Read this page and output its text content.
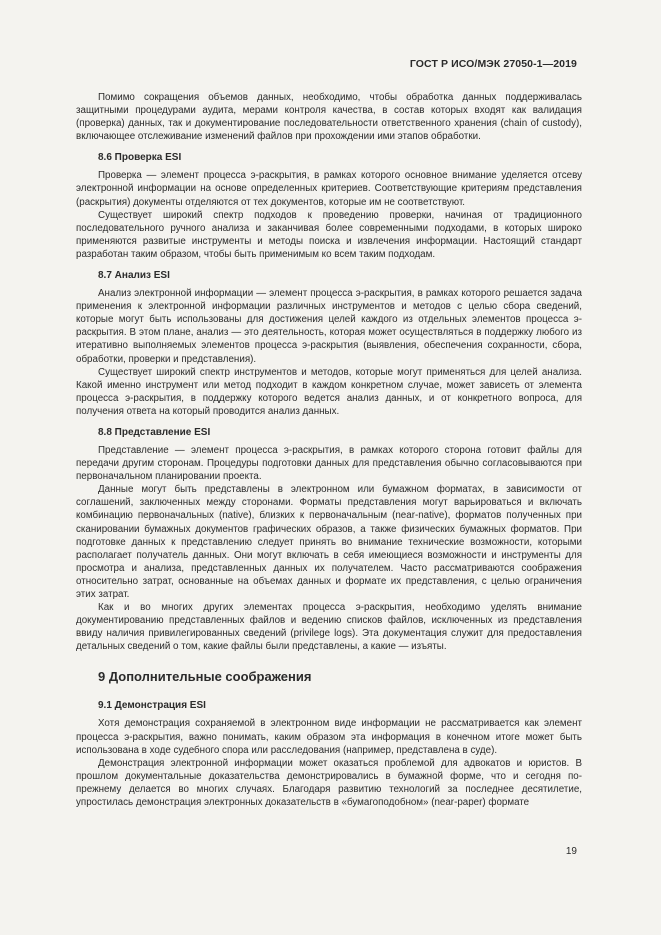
ГОСТ Р ИСО/МЭК 27050-1—2019

Помимо сокращения объемов данных, необходимо, чтобы обработка данных поддерживалась защитными процедурами аудита, мерами контроля качества, в состав которых входят как валидация (проверка) данных, так и документирование последовательности ответственного хранения (chain of custody), включающее отслеживание изменений файлов при прохождении ими этапов обработки.

8.6 Проверка ESI

Проверка — элемент процесса э-раскрытия, в рамках которого основное внимание уделяется отсеву электронной информации на основе определенных критериев. Соответствующие критериям представления (раскрытия) документы отделяются от тех документов, которые им не соответствуют.

Существует широкий спектр подходов к проведению проверки, начиная от традиционного последовательного ручного анализа и заканчивая более современными подходами, в которых широко применяются развитые инструменты и методы поиска и извлечения информации. Настоящий стандарт разработан таким образом, чтобы быть применимым ко всем таким подходам.

8.7 Анализ ESI

Анализ электронной информации — элемент процесса э-раскрытия, в рамках которого решается задача применения к электронной информации различных инструментов и методов с целью сбора сведений, которые могут быть использованы для достижения целей каждого из отдельных элементов процесса э-раскрытия. В этом плане, анализ — это деятельность, которая может осуществляться в поддержку любого из итеративно выполняемых элементов процесса э-раскрытия (выявления, обеспечения сохранности, сбора, обработки, проверки и представления).

Существует широкий спектр инструментов и методов, которые могут применяться для целей анализа. Какой именно инструмент или метод подходит в каждом конкретном случае, может зависеть от элемента процесса э-раскрытия, в поддержку которого ведется анализ данных, и от конкретного вопроса, для получения ответа на который проводится анализ данных.

8.8 Представление ESI

Представление — элемент процесса э-раскрытия, в рамках которого сторона готовит файлы для передачи другим сторонам. Процедуры подготовки данных для представления обычно согласовываются при первоначальном планировании проекта.

Данные могут быть представлены в электронном или бумажном форматах, в зависимости от соглашений, заключенных между сторонами. Форматы представления могут варьироваться и включать комбинацию первоначальных (native), близких к первоначальным (near-native), форматов полученных при сканировании бумажных документов графических образов, а также физических бумажных форматов. При подготовке данных к представлению следует принять во внимание технические возможности, которыми располагает получатель данных. Они могут включать в себя имеющиеся возможности и инструменты для просмотра и анализа, представленных данных их получателем. Часто рассматриваются соображения относительно затрат, основанные на объемах данных и формате их представления, с целью ограничения этих затрат.

Как и во многих других элементах процесса э-раскрытия, необходимо уделять внимание документированию представленных файлов и ведению списков файлов, исключенных из представления ввиду наличия привилегированных сведений (privilege logs). Эта документация служит для предоставления детальных сведений о том, какие файлы были представлены, а какие — изъяты.

9 Дополнительные соображения
9.1 Демонстрация ESI

Хотя демонстрация сохраняемой в электронном виде информации не рассматривается как элемент процесса э-раскрытия, важно понимать, каким образом эта информация в конечном итоге может быть использована в ходе судебного спора или расследования (например, представлена в суде).

Демонстрация электронной информации может оказаться проблемой для адвокатов и юристов. В прошлом документальные доказательства демонстрировались в бумажной форме, что и сегодня по-прежнему делается во многих случаях. Благодаря развитию технологий за последнее десятилетие, упростилась демонстрация электронных доказательств в «бумагоподобном» (near-paper) формате

19
